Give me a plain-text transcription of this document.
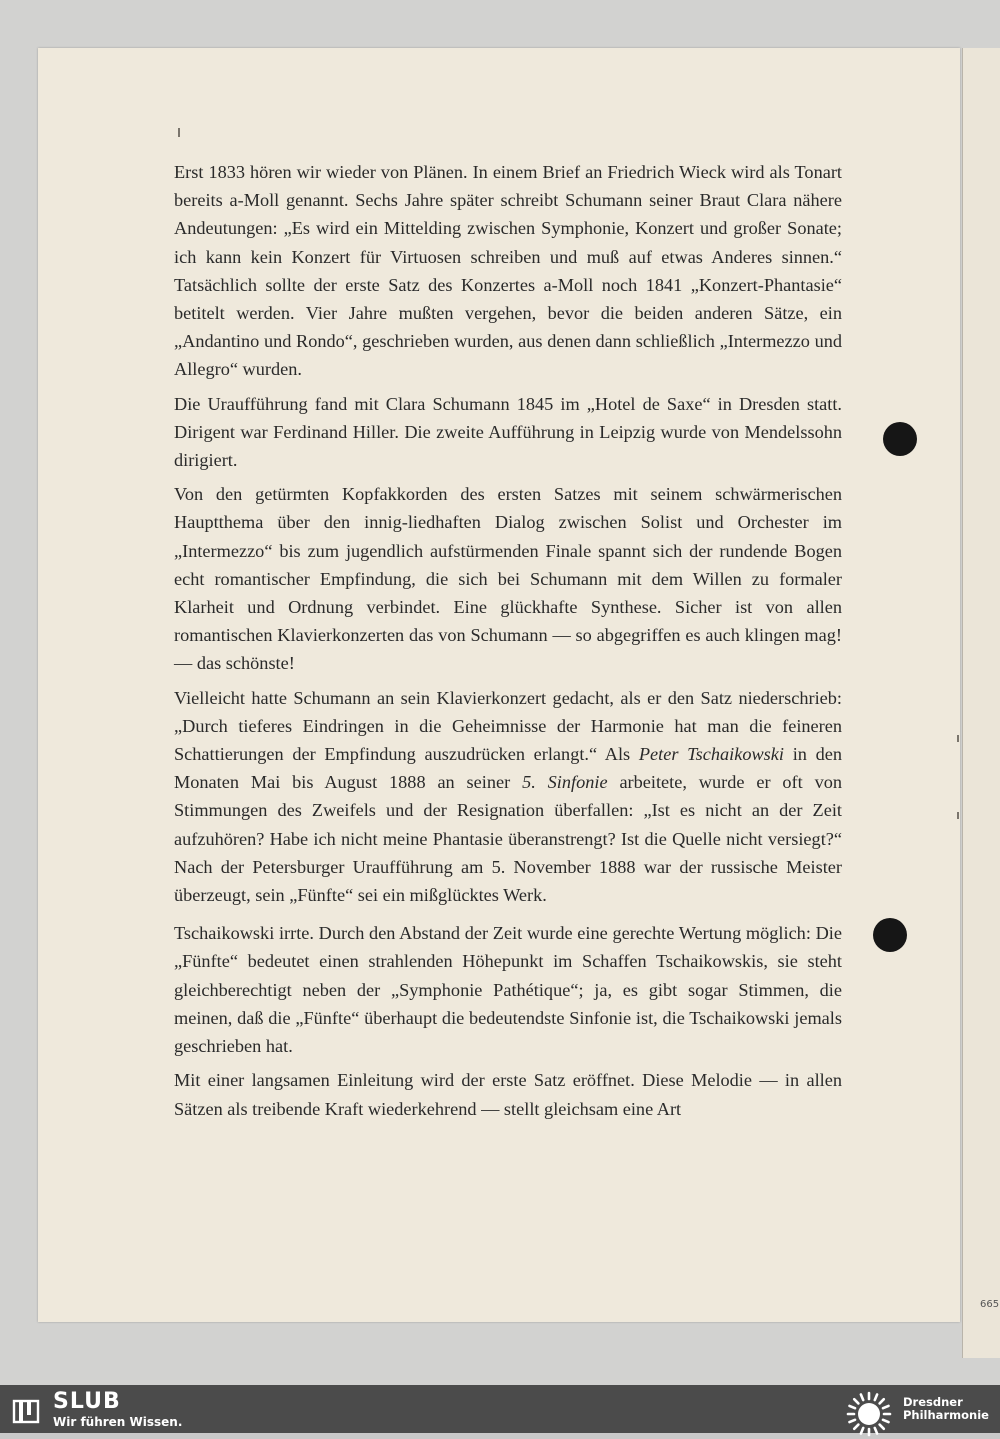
Erst 1833 hören wir wieder von Plänen. In einem Brief an Friedrich Wieck wird als Tonart bereits a-Moll genannt. Sechs Jahre später schreibt Schumann seiner Braut Clara nähere Andeutungen: „Es wird ein Mittelding zwischen Symphonie, Konzert und großer Sonate; ich kann kein Konzert für Virtuosen schreiben und muß auf etwas Anderes sinnen.“ Tatsächlich sollte der erste Satz des Konzertes a-Moll noch 1841 „Konzert-Phantasie“ betitelt werden. Vier Jahre mußten vergehen, bevor die beiden anderen Sätze, ein „Andantino und Rondo“, geschrieben wurden, aus denen dann schließlich „Intermezzo und Allegro“ wurden.

Die Uraufführung fand mit Clara Schumann 1845 im „Hotel de Saxe“ in Dresden statt. Dirigent war Ferdinand Hiller. Die zweite Aufführung in Leipzig wurde von Mendelssohn dirigiert.

Von den getürmten Kopfakkorden des ersten Satzes mit seinem schwärmerischen Hauptthema über den innig-liedhaften Dialog zwischen Solist und Orchester im „Intermezzo“ bis zum jugendlich aufstürmenden Finale spannt sich der rundende Bogen echt romantischer Empfindung, die sich bei Schumann mit dem Willen zu formaler Klarheit und Ordnung verbindet. Eine glückhafte Synthese. Sicher ist von allen romantischen Klavierkonzerten das von Schumann — so abgegriffen es auch klingen mag! — das schönste!

Vielleicht hatte Schumann an sein Klavierkonzert gedacht, als er den Satz niederschrieb: „Durch tieferes Eindringen in die Geheimnisse der Harmonie hat man die feineren Schattierungen der Empfindung auszudrücken erlangt.“ Als Peter Tschaikowski in den Monaten Mai bis August 1888 an seiner 5. Sinfonie arbeitete, wurde er oft von Stimmungen des Zweifels und der Resignation überfallen: „Ist es nicht an der Zeit aufzuhören? Habe ich nicht meine Phantasie überanstrengt? Ist die Quelle nicht versiegt?“ Nach der Petersburger Uraufführung am 5. November 1888 war der russische Meister überzeugt, sein „Fünfte“ sei ein mißglücktes Werk.

Tschaikowski irrte. Durch den Abstand der Zeit wurde eine gerechte Wertung möglich: Die „Fünfte“ bedeutet einen strahlenden Höhepunkt im Schaffen Tschaikowskis, sie steht gleichberechtigt neben der „Symphonie Pathétique“; ja, es gibt sogar Stimmen, die meinen, daß die „Fünfte“ überhaupt die bedeutendste Sinfonie ist, die Tschaikowski jemals geschrieben hat.

Mit einer langsamen Einleitung wird der erste Satz eröffnet. Diese Melodie — in allen Sätzen als treibende Kraft wiederkehrend — stellt gleichsam eine Art

665
SLUB
Wir führen Wissen.
Dresdner
Philharmonie
